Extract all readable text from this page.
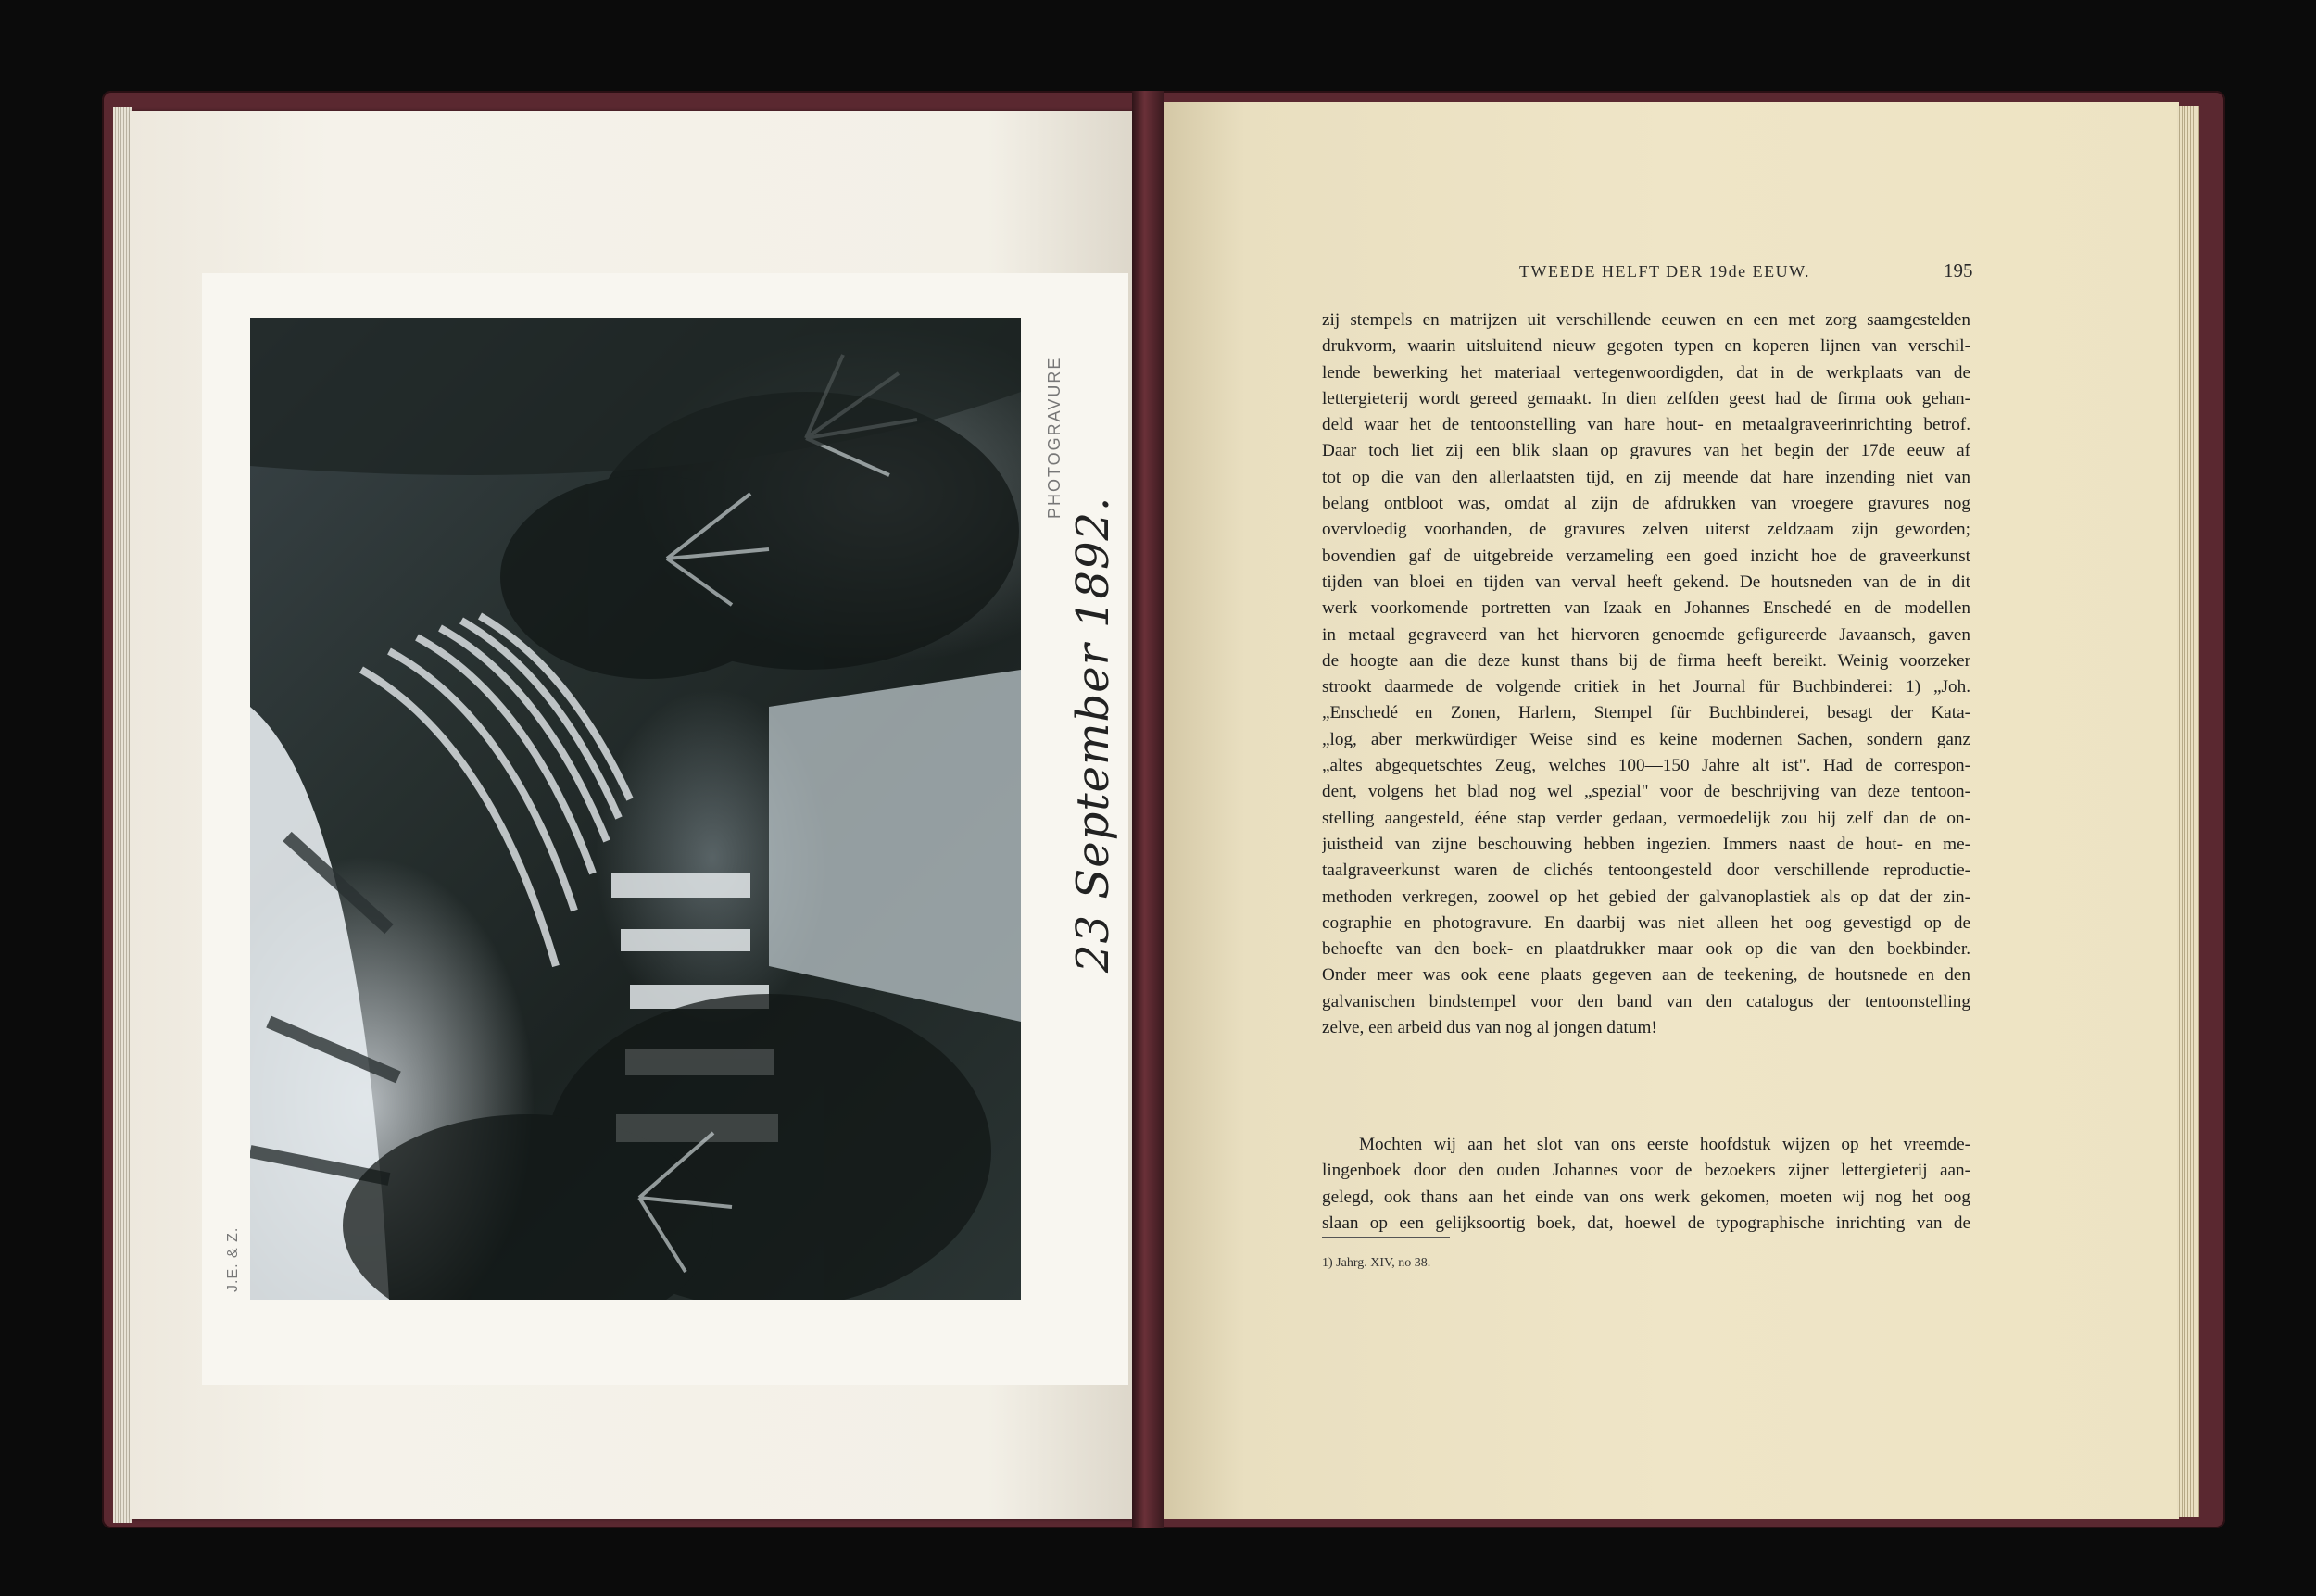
PHOTOGRAVURE
J.E. & Z.
23 September 1892.
TWEEDE HELFT DER 19de EEUW.	195
zij stempels en matrijzen uit verschillende eeuwen en een met zorg saamgestelden
drukvorm, waarin uitsluitend nieuw gegoten typen en koperen lijnen van verschil-
lende bewerking het materiaal vertegenwoordigden, dat in de werkplaats van de
lettergieterij wordt gereed gemaakt. In dien zelfden geest had de firma ook gehan-
deld waar het de tentoonstelling van hare hout- en metaalgraveerinrichting betrof.
Daar toch liet zij een blik slaan op gravures van het begin der 17de eeuw af
tot op die van den allerlaatsten tijd, en zij meende dat hare inzending niet van
belang ontbloot was, omdat al zijn de afdrukken van vroegere gravures nog
overvloedig voorhanden, de gravures zelven uiterst zeldzaam zijn geworden;
bovendien gaf de uitgebreide verzameling een goed inzicht hoe de graveerkunst
tijden van bloei en tijden van verval heeft gekend. De houtsneden van de in dit
werk voorkomende portretten van Izaak en Johannes Enschedé en de modellen
in metaal gegraveerd van het hiervoren genoemde gefigureerde Javaansch, gaven
de hoogte aan die deze kunst thans bij de firma heeft bereikt. Weinig voorzeker
strookt daarmede de volgende critiek in het Journal für Buchbinderei: 1) „Joh.
„Enschedé en Zonen, Harlem, Stempel für Buchbinderei, besagt der Kata-
„log, aber merkwürdiger Weise sind es keine modernen Sachen, sondern ganz
„altes abgequetschtes Zeug, welches 100—150 Jahre alt ist". Had de correspon-
dent, volgens het blad nog wel „spezial" voor de beschrijving van deze tentoon-
stelling aangesteld, ééne stap verder gedaan, vermoedelijk zou hij zelf dan de on-
juistheid van zijne beschouwing hebben ingezien. Immers naast de hout- en me-
taalgraveerkunst waren de clichés tentoongesteld door verschillende reproductie-
methoden verkregen, zoowel op het gebied der galvanoplastiek als op dat der zin-
cographie en photogravure. En daarbij was niet alleen het oog gevestigd op de
behoefte van den boek- en plaatdrukker maar ook op die van den boekbinder.
Onder meer was ook eene plaats gegeven aan de teekening, de houtsnede en den
galvanischen bindstempel voor den band van den catalogus der tentoonstelling
zelve, een arbeid dus van nog al jongen datum!
Mochten wij aan het slot van ons eerste hoofdstuk wijzen op het vreemde-
lingenboek door den ouden Johannes voor de bezoekers zijner lettergieterij aan-
gelegd, ook thans aan het einde van ons werk gekomen, moeten wij nog het oog
slaan op een gelijksoortig boek, dat, hoewel de typographische inrichting van de
1) Jahrg. XIV, no 38.
